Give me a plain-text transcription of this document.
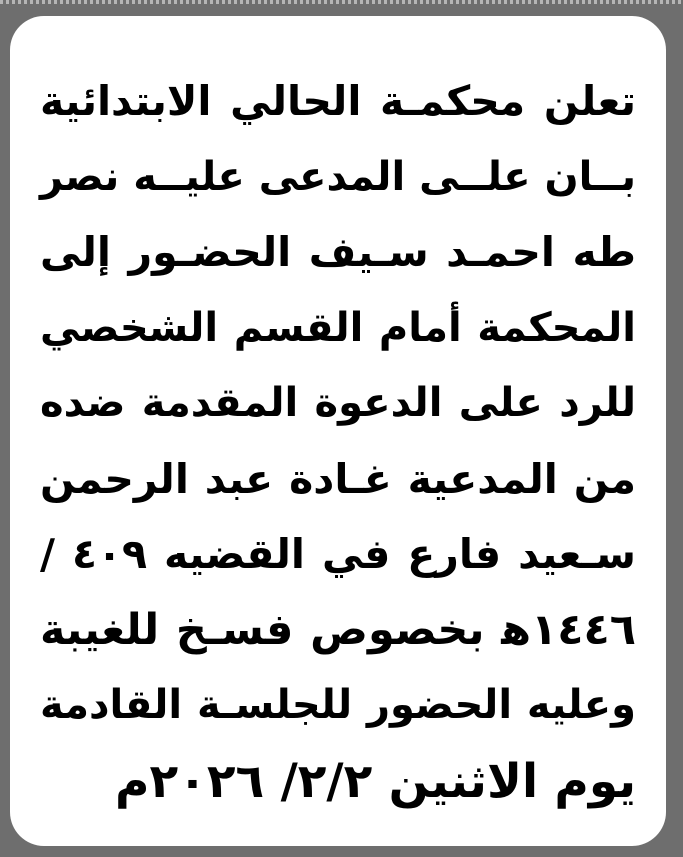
تعلن محكمـة الحالي الابتدائية
بــان علــى المدعى عليــه نصر
طه احمـد سـيف الحضـور إلى
المحكمة أمام القسم الشخصي
للرد على الدعوة المقدمة ضده
من المدعية غـادة عبد الرحمن
سـعيد فارع في القضيه ٤٠٩ /
١٤٤٦ﻫ بخصوص فسـخ للغيبة
وعليه الحضور للجلسـة القادمة
يوم الاثنين ٢/٢/ ٢٠٢٦م
